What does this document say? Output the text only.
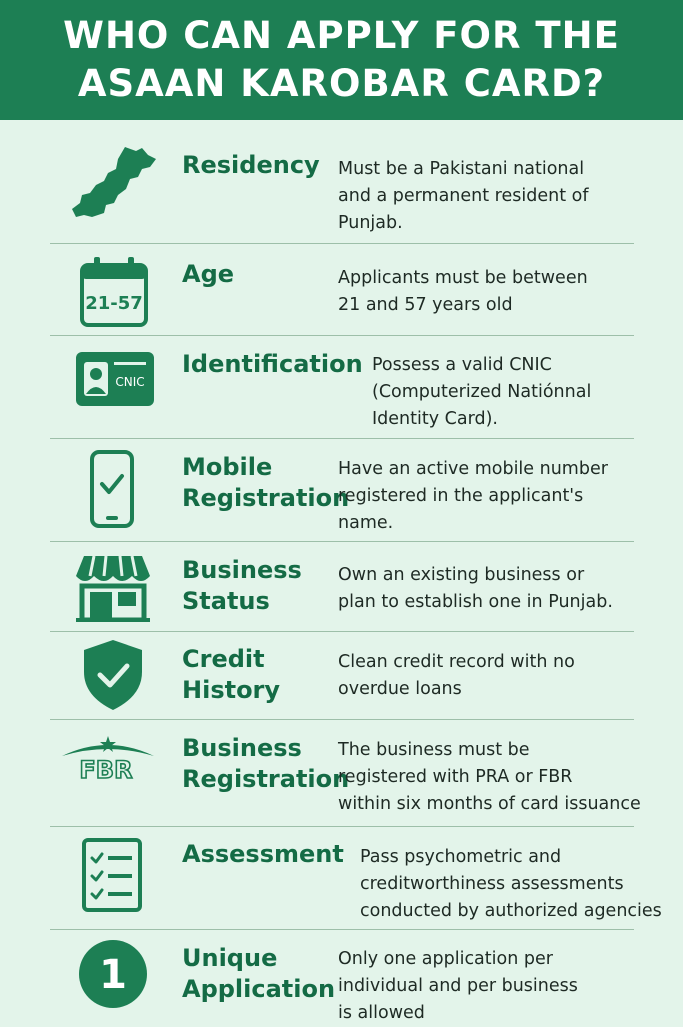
WHO CAN APPLY FOR THE
ASAAN KAROBAR CARD?
Residency Must be a Pakistani national
and a permanent resident of
Punjab.
21-57
Age	Applicants must be between
21 and 57 years old
CNIC
Identification Possess a valid CNIC
(Computerized Natiónnal
Identity Card).
Mobile
Registration
Have an active mobile number
registered in the applicant's
name.
Business
Status
Own an existing business or
plan to establish one in Punjab.
Credit
History
Clean credit record with no
overdue loans
FBR
Business
Registration
The business must be
registered with PRA or FBR
within six months of card issuance
Assessment Pass psychometric and
creditworthiness assessments
conducted by authorized agencies
1 Unique
Application
Only one application per
individual and per business
is allowed
